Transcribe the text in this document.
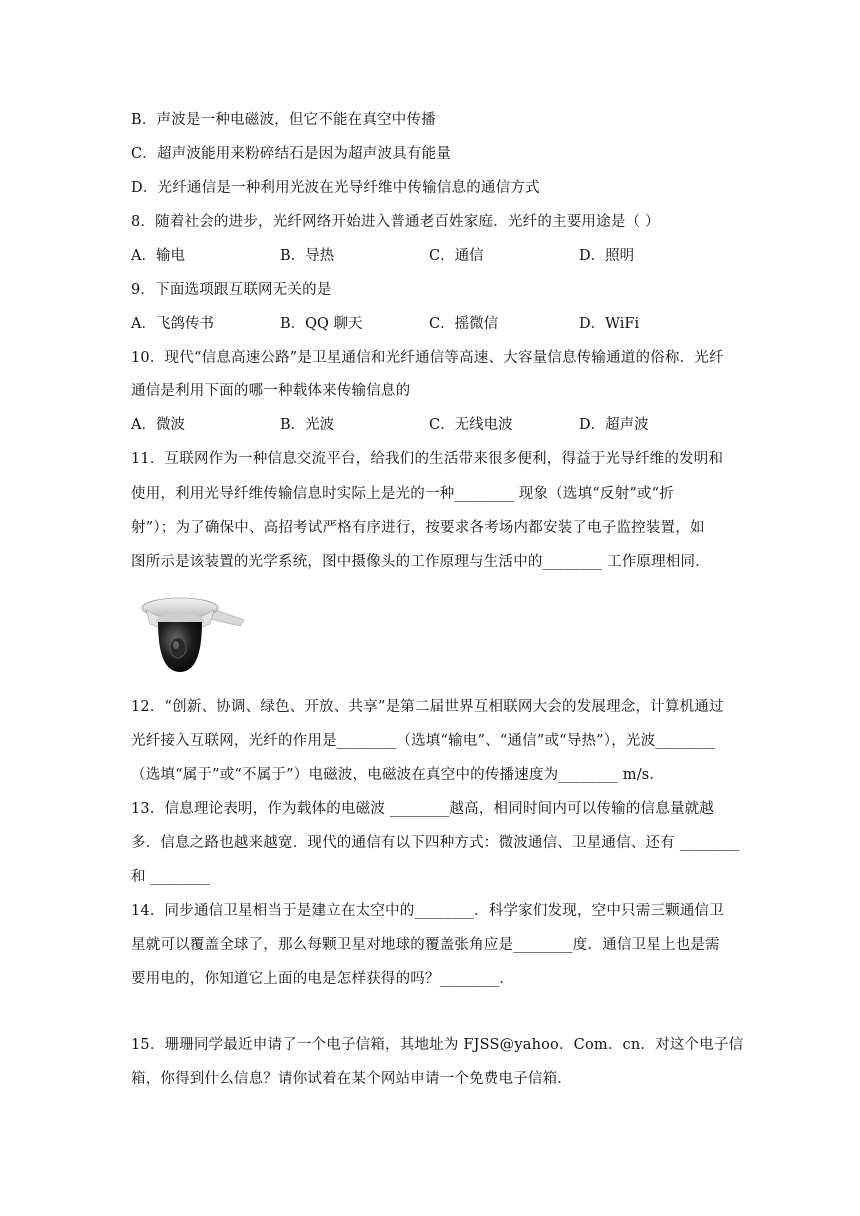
B．声波是一种电磁波，但它不能在真空中传播
C．超声波能用来粉碎结石是因为超声波具有能量
D．光纤通信是一种利用光波在光导纤维中传输信息的通信方式
8．随着社会的进步，光纤网络开始进入普通老百姓家庭．光纤的主要用途是（ ）
A．输电	B．导热	C．通信	D．照明
9．下面选项跟互联网无关的是
A．飞鸽传书	B．QQ 聊天	C．摇微信	D．WiFi
10．现代“信息高速公路”是卫星通信和光纤通信等高速、大容量信息传输通道的俗称．光纤
通信是利用下面的哪一种载体来传输信息的
A．微波	B．光波	C．无线电波	D．超声波
11．互联网作为一种信息交流平台，给我们的生活带来很多便利，得益于光导纤维的发明和
使用，利用光导纤维传输信息时实际上是光的一种________ 现象（选填“反射”或“折
射”）；为了确保中、高招考试严格有序进行，按要求各考场内都安装了电子监控装置，如
图所示是该装置的光学系统，图中摄像头的工作原理与生活中的________ 工作原理相同．
12．“创新、协调、绿色、开放、共享”是第二届世界互相联网大会的发展理念，计算机通过
光纤接入互联网，光纤的作用是________（选填“输电”、“通信”或“导热”），光波________
（选填“属于”或“不属于”）电磁波，电磁波在真空中的传播速度为________ m/s．
13．信息理论表明，作为载体的电磁波 ________越高，相同时间内可以传输的信息量就越
多．信息之路也越来越宽．现代的通信有以下四种方式：微波通信、卫星通信、还有 ________
和 ________
14．同步通信卫星相当于是建立在太空中的________．科学家们发现，空中只需三颗通信卫
星就可以覆盖全球了，那么每颗卫星对地球的覆盖张角应是________度．通信卫星上也是需
要用电的，你知道它上面的电是怎样获得的吗？________．
15．珊珊同学最近申请了一个电子信箱，其地址为 FJSS@yahoo．Com．cn．对这个电子信
箱，你得到什么信息？请你试着在某个网站申请一个免费电子信箱．
